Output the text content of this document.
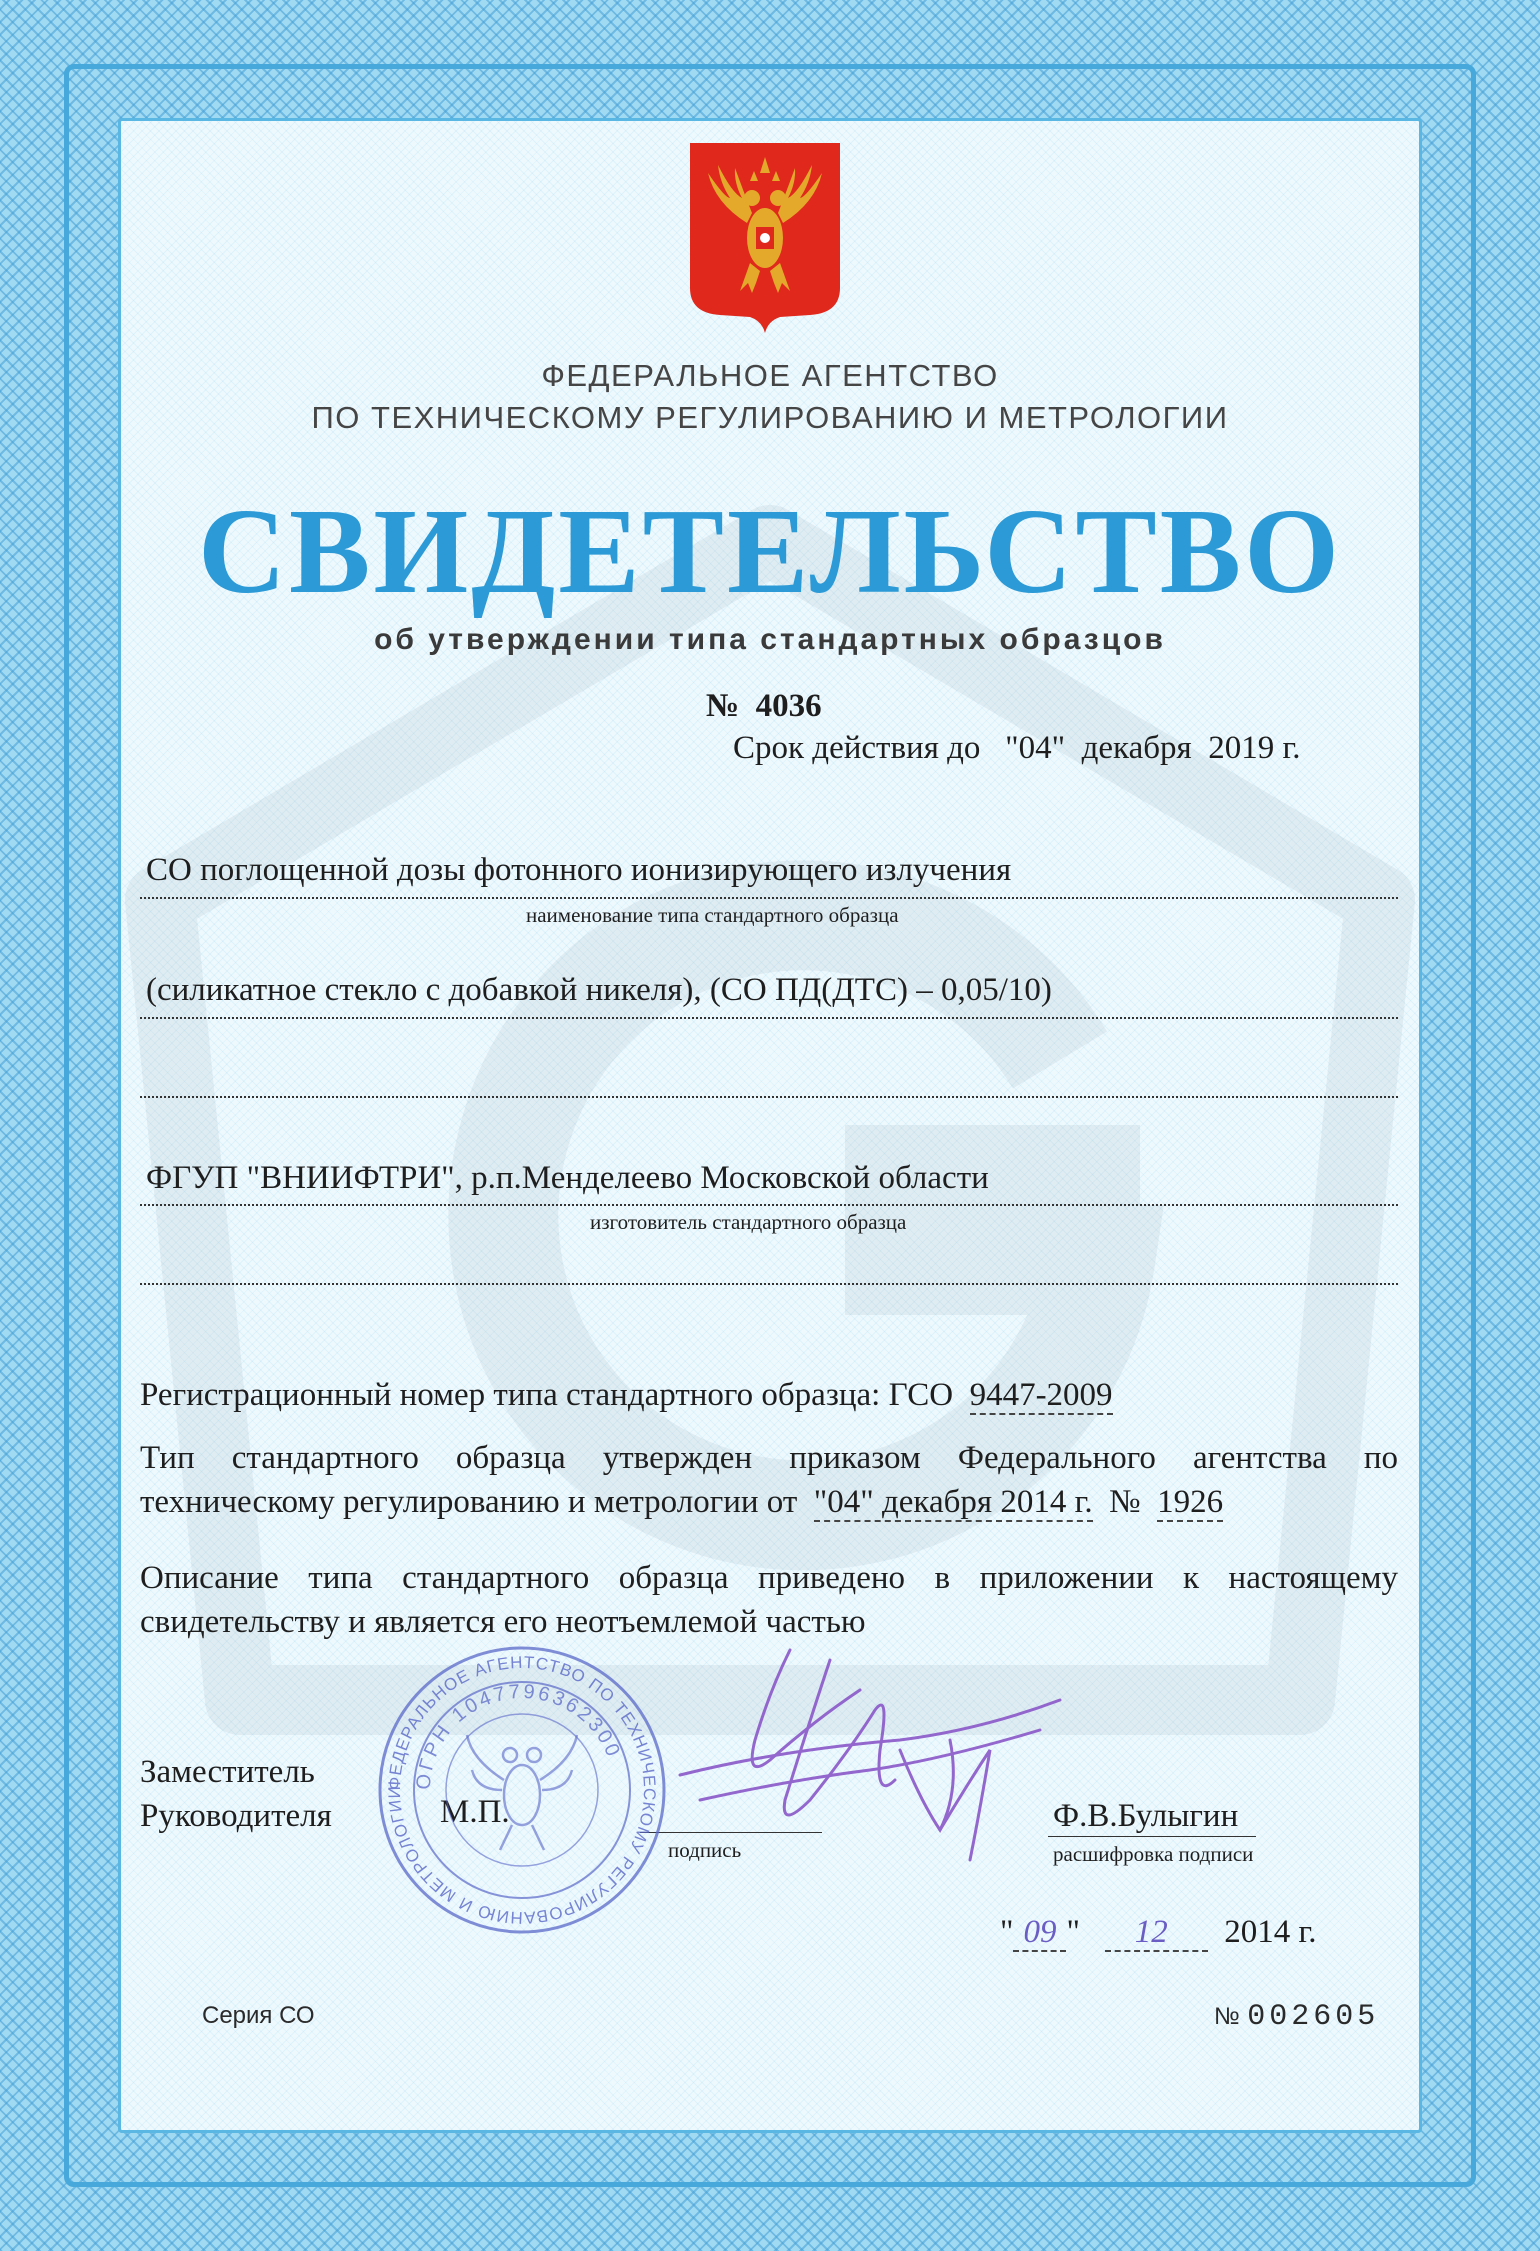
ФЕДЕРАЛЬНОЕ АГЕНТСТВО
ПО ТЕХНИЧЕСКОМУ РЕГУЛИРОВАНИЮ И МЕТРОЛОГИИ
СВИДЕТЕЛЬСТВО
об утверждении типа стандартных образцов
№ 4036
Срок действия до "04" декабря 2019 г.
СО поглощенной дозы фотонного ионизирующего излучения
наименование типа стандартного образца
(силикатное стекло с добавкой никеля), (СО ПД(ДТС) – 0,05/10)
ФГУП "ВНИИФТРИ", р.п.Менделеево Московской области
изготовитель стандартного образца
Регистрационный номер типа стандартного образца: ГСО 9447-2009
Тип стандартного образца утвержден приказом Федерального агентства по
техническому регулированию и метрологии от "04" декабря 2014 г. № 1926
Описание типа стандартного образца приведено в приложении к настоящему
свидетельству и является его неотъемлемой частью
Заместитель
Руководителя	М.П.
подпись
Ф.В.Булыгин
расшифровка подписи
ФЕДЕРАЛЬНОЕ АГЕНТСТВО ПО ТЕХНИЧЕСКОМУ РЕГУЛИРОВАНИЮ И МЕТРОЛОГИИ
ОГРН 1047796362300
" 09 " 12 2014 г.
Серия СО	№ 002605
